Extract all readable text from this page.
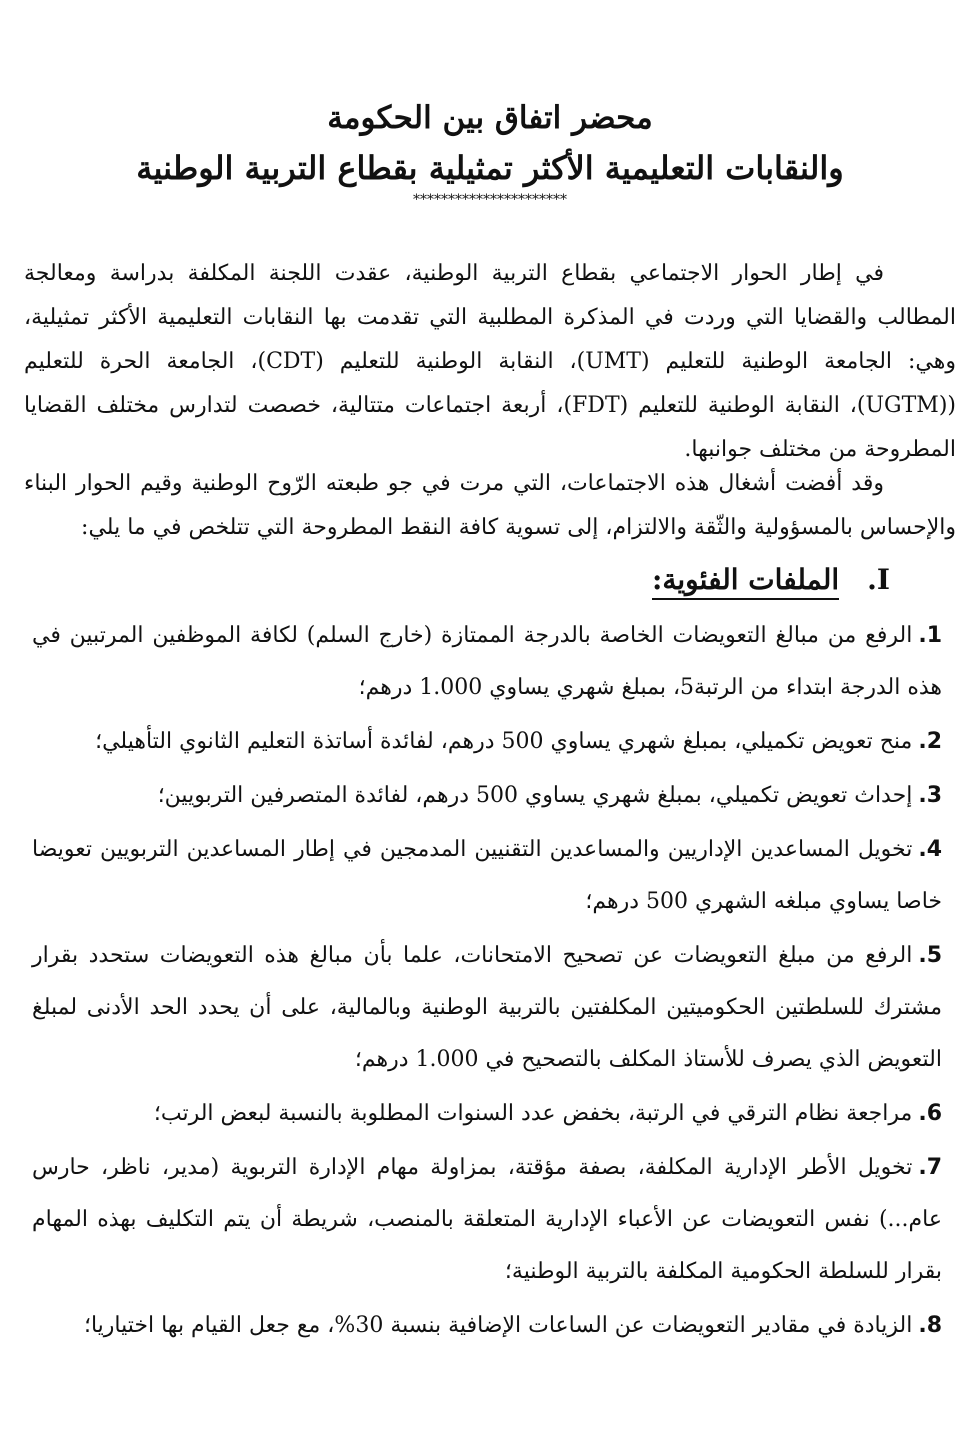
محضر اتفاق بين الحكومة
والنقابات التعليمية الأكثر تمثيلية بقطاع التربية الوطنية
**********************

في إطار الحوار الاجتماعي بقطاع التربية الوطنية، عقدت اللجنة المكلفة بدراسة ومعالجة المطالب والقضايا التي وردت في المذكرة المطلبية التي تقدمت بها النقابات التعليمية الأكثر تمثيلية، وهي: الجامعة الوطنية للتعليم (UMT)، النقابة الوطنية للتعليم (CDT)، الجامعة الحرة للتعليم ((UGTM)، النقابة الوطنية للتعليم (FDT)، أربعة اجتماعات متتالية، خصصت لتدارس مختلف القضايا المطروحة من مختلف جوانبها.

وقد أفضت أشغال هذه الاجتماعات، التي مرت في جو طبعته الرّوح الوطنية وقيم الحوار البناء والإحساس بالمسؤولية والثّقة والالتزام، إلى تسوية كافة النقط المطروحة التي تتلخص في ما يلي:

I.الملفات الفئوية:

1.الرفع من مبالغ التعويضات الخاصة بالدرجة الممتازة (خارج السلم) لكافة الموظفين المرتبين في هذه الدرجة ابتداء من الرتبة5، بمبلغ شهري يساوي 1.000 درهم؛

2.منح تعويض تكميلي، بمبلغ شهري يساوي 500 درهم، لفائدة أساتذة التعليم الثانوي التأهيلي؛

3.إحداث تعويض تكميلي، بمبلغ شهري يساوي 500 درهم، لفائدة المتصرفين التربويين؛

4.تخويل المساعدين الإداريين والمساعدين التقنيين المدمجين في إطار المساعدين التربويين تعويضا خاصا يساوي مبلغه الشهري 500 درهم؛

5.الرفع من مبلغ التعويضات عن تصحيح الامتحانات، علما بأن مبالغ هذه التعويضات ستحدد بقرار مشترك للسلطتين الحكوميتين المكلفتين بالتربية الوطنية وبالمالية، على أن يحدد الحد الأدنى لمبلغ التعويض الذي يصرف للأستاذ المكلف بالتصحيح في 1.000 درهم؛

6.مراجعة نظام الترقي في الرتبة، بخفض عدد السنوات المطلوبة بالنسبة لبعض الرتب؛

7.تخويل الأطر الإدارية المكلفة، بصفة مؤقتة، بمزاولة مهام الإدارة التربوية (مدير، ناظر، حارس عام...) نفس التعويضات عن الأعباء الإدارية المتعلقة بالمنصب، شريطة أن يتم التكليف بهذه المهام بقرار للسلطة الحكومية المكلفة بالتربية الوطنية؛

8.الزيادة في مقادير التعويضات عن الساعات الإضافية بنسبة 30%، مع جعل القيام بها اختياريا؛
